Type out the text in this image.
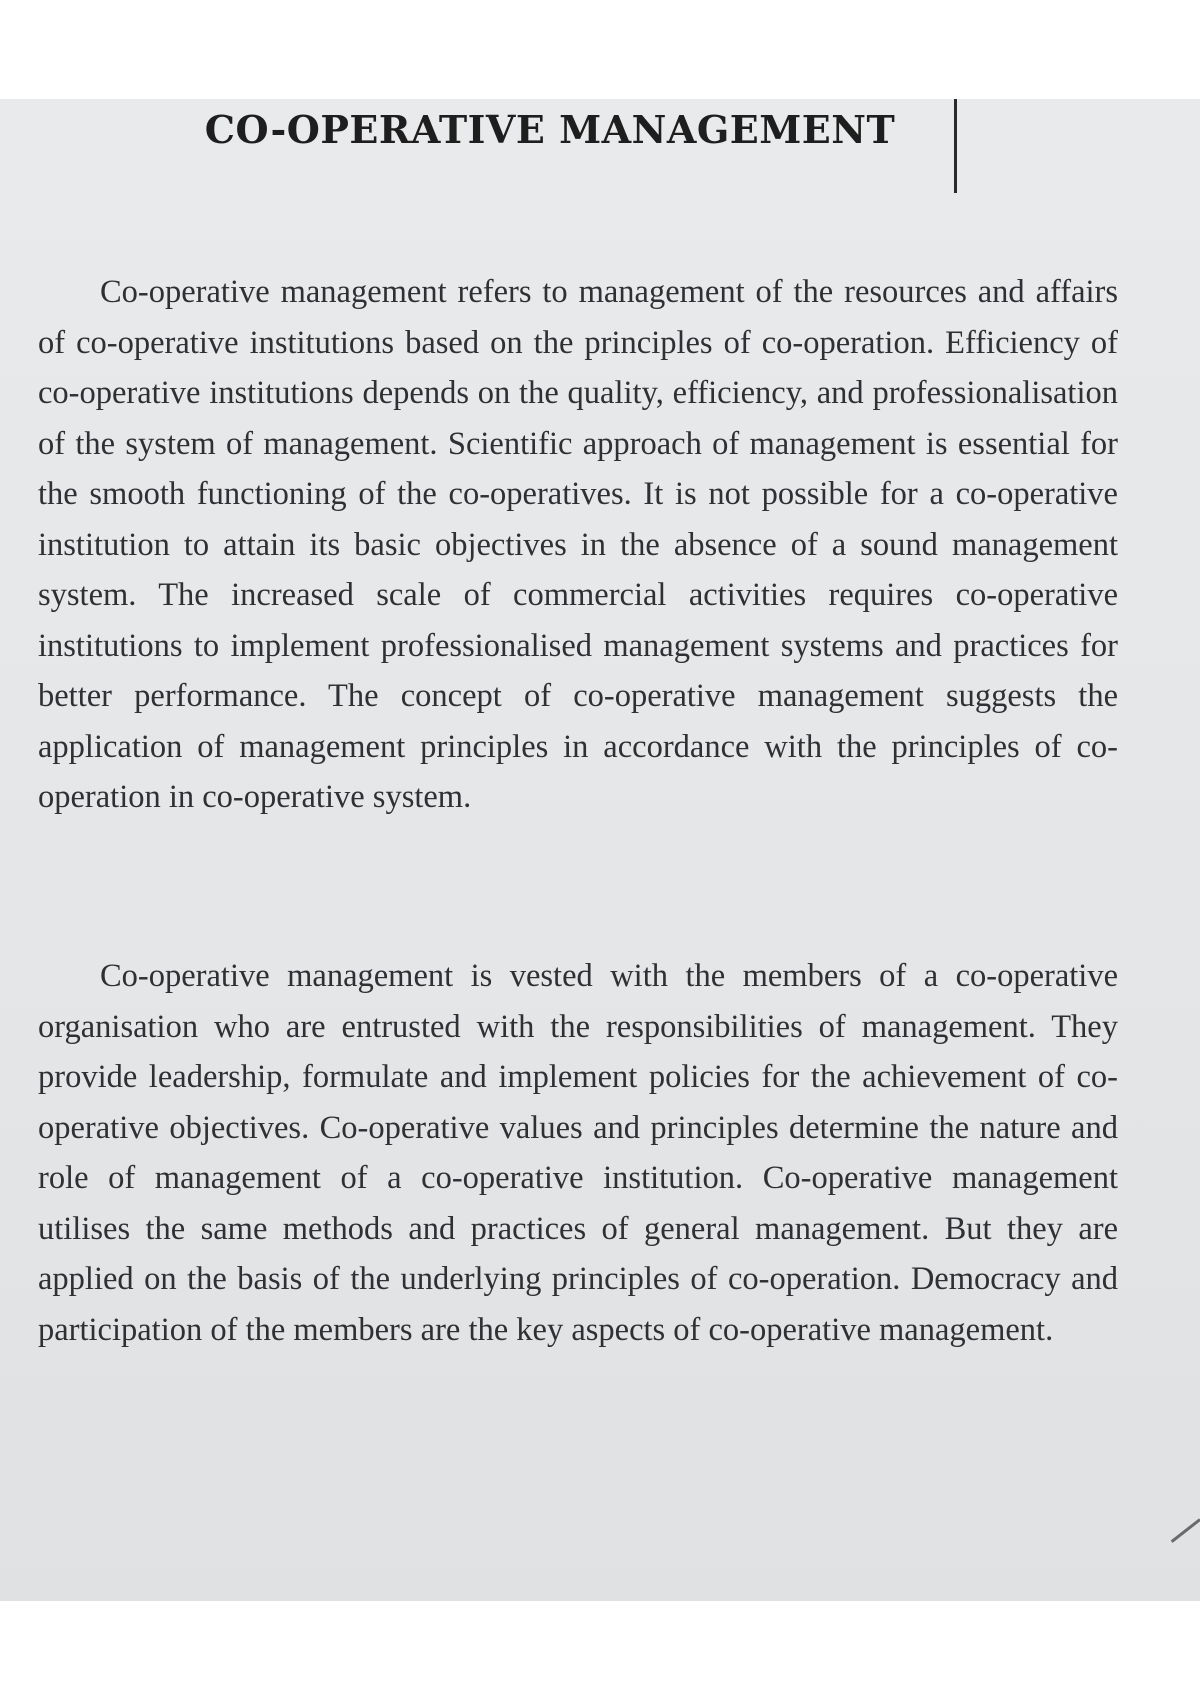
CO-OPERATIVE MANAGEMENT

Co-operative management refers to management of the resources and affairs of co-operative institutions based on the principles of co-operation. Efficiency of co-operative institutions depends on the quality, efficiency, and professionalisation of the system of management. Scientific approach of management is essential for the smooth functioning of the co-operatives. It is not possible for a co-operative institution to attain its basic objectives in the absence of a sound management system. The increased scale of commercial activities requires co-operative institutions to implement professionalised management systems and practices for better performance. The concept of co-operative management suggests the application of management principles in accordance with the principles of co-operation in co-operative system.

Co-operative management is vested with the members of a co-operative organisation who are entrusted with the responsibilities of management. They provide leadership, formulate and implement policies for the achievement of co-operative objectives. Co-operative values and principles determine the nature and role of management of a co-operative institution. Co-operative management utilises the same methods and practices of general management. But they are applied on the basis of the underlying principles of co-operation. Democracy and participation of the members are the key aspects of co-operative management.
